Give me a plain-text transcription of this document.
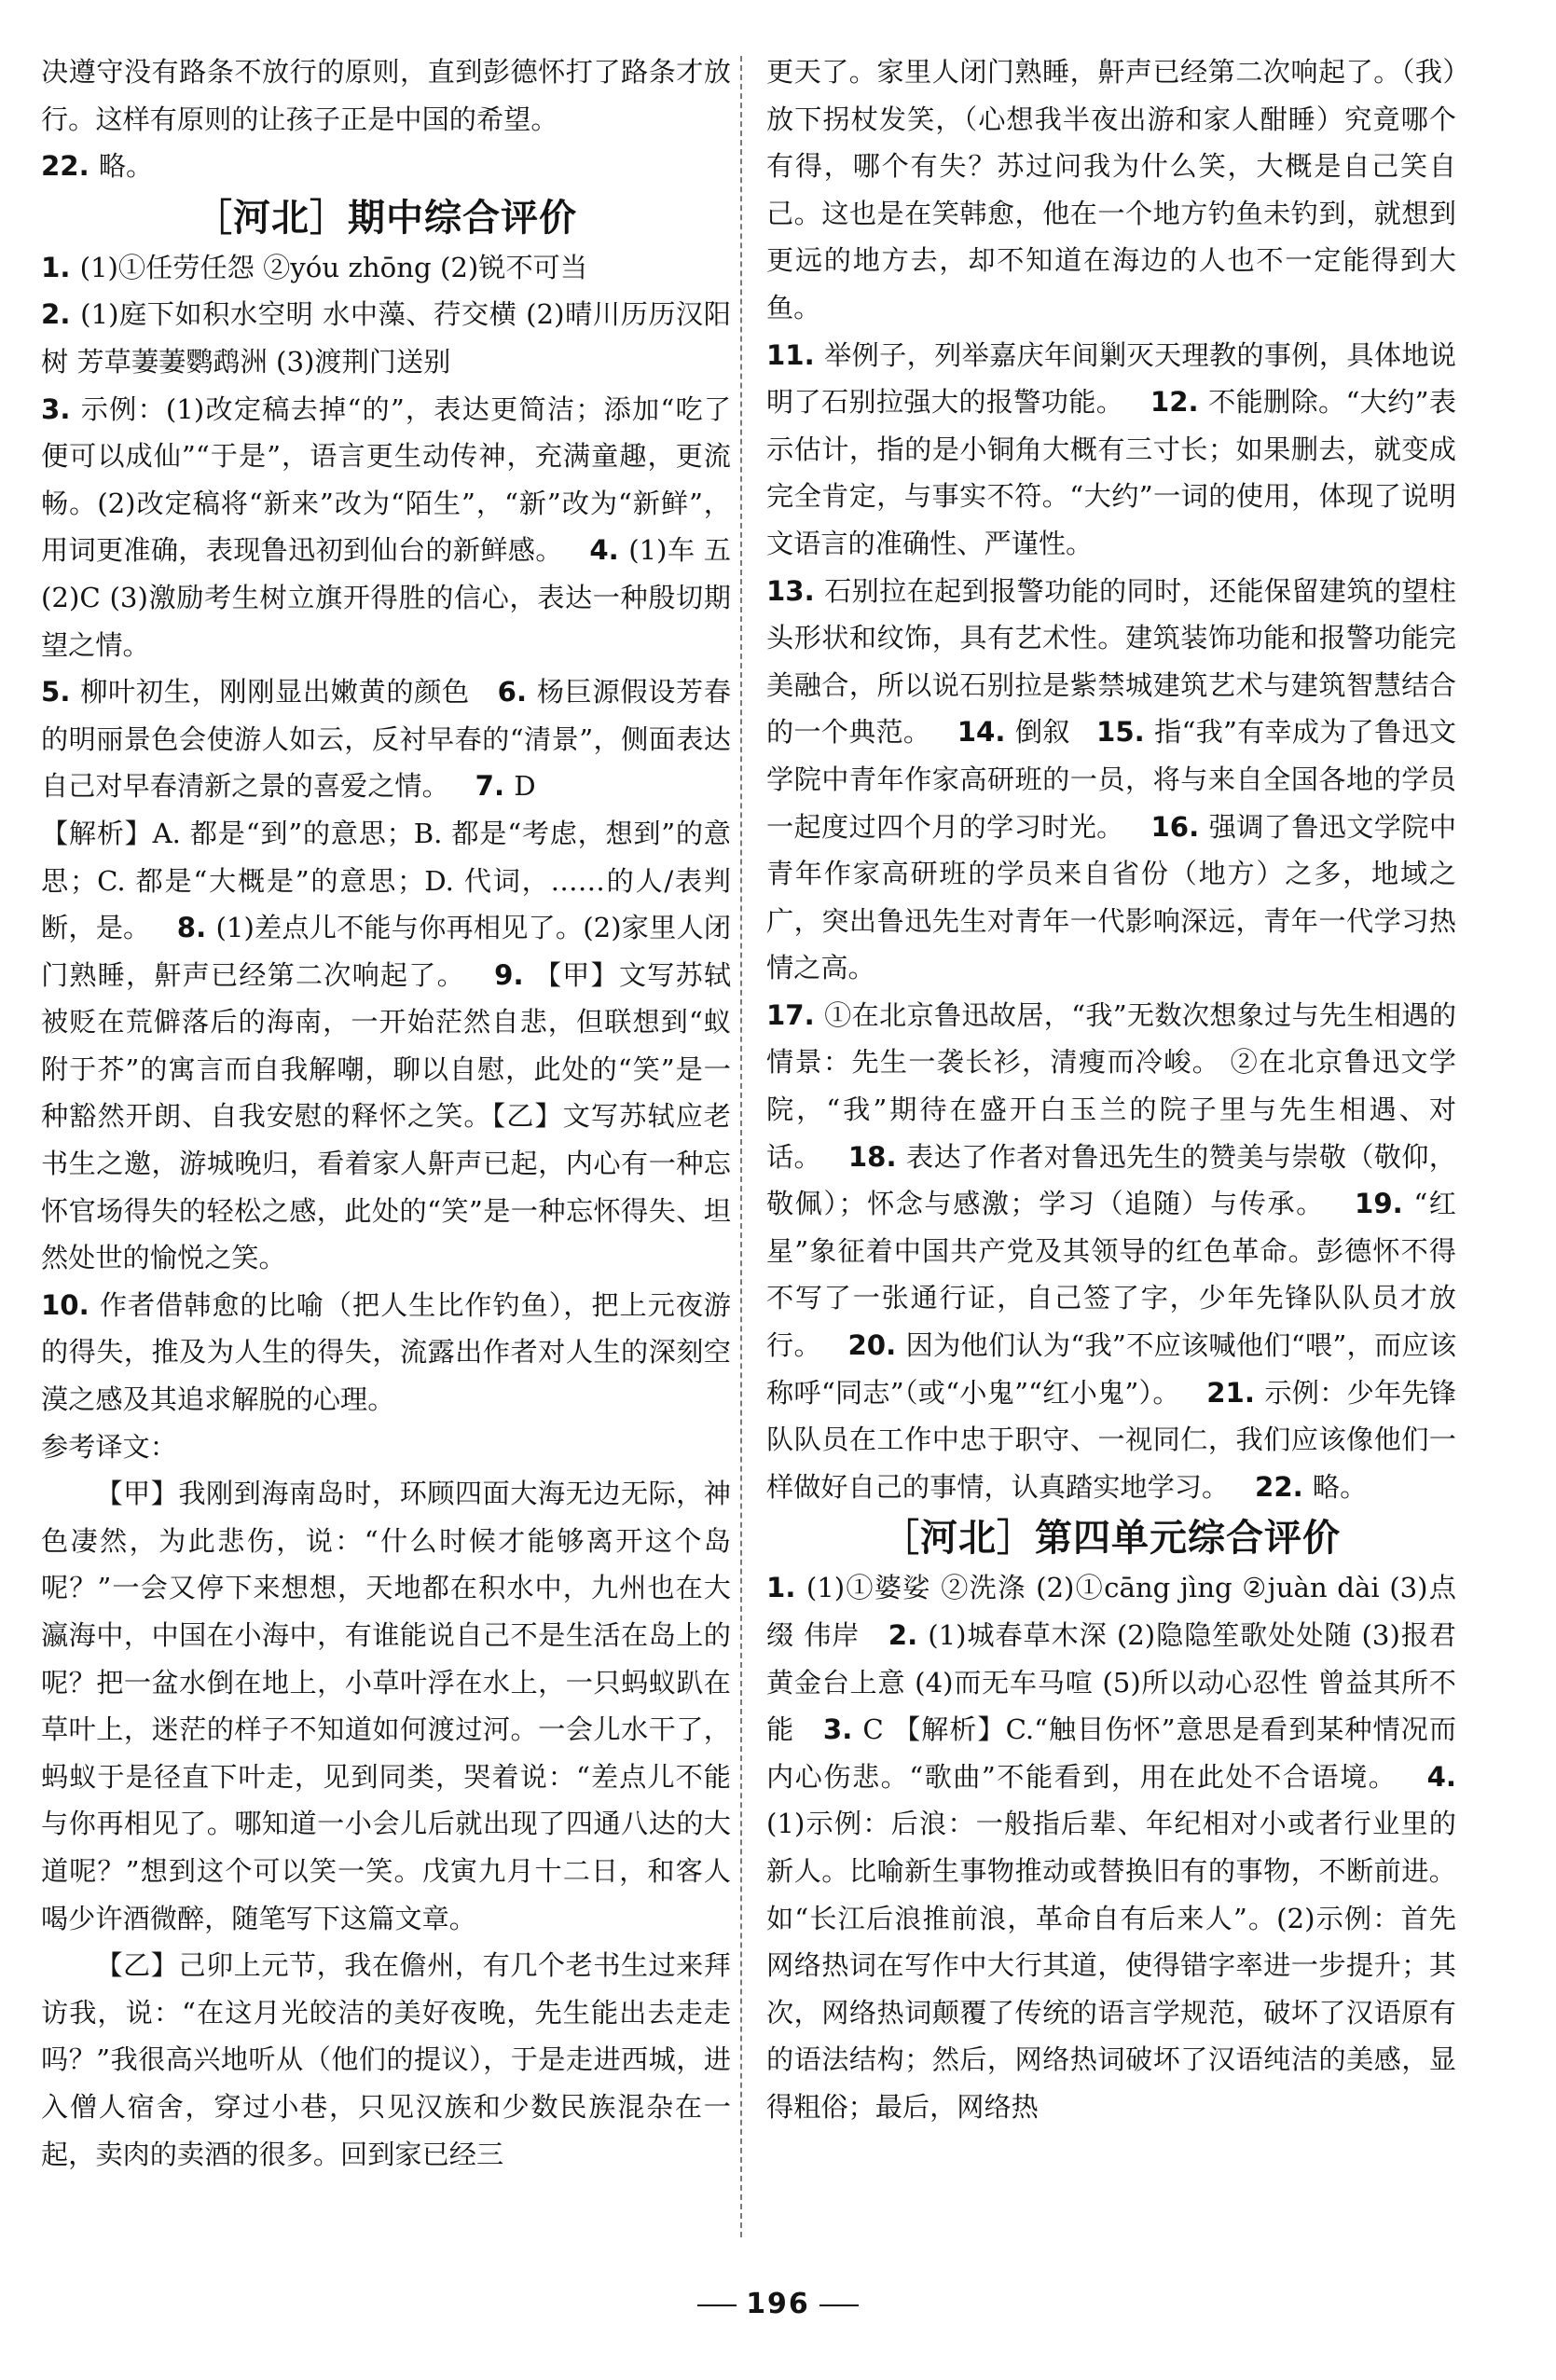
决遵守没有路条不放行的原则，直到彭德怀打了路条才放行。这样有原则的让孩子正是中国的希望。

22. 略。

［河北］期中综合评价

1. (1)①任劳任怨 ②yóu zhōng (2)锐不可当

2. (1)庭下如积水空明 水中藻、荇交横 (2)晴川历历汉阳树 芳草萋萋鹦鹉洲 (3)渡荆门送别

3. 示例：(1)改定稿去掉“的”，表达更简洁；添加“吃了便可以成仙”“于是”，语言更生动传神，充满童趣，更流畅。(2)改定稿将“新来”改为“陌生”，“新”改为“新鲜”，用词更准确，表现鲁迅初到仙台的新鲜感。 4. (1)车 五 (2)C (3)激励考生树立旗开得胜的信心，表达一种殷切期望之情。

5. 柳叶初生，刚刚显出嫩黄的颜色 6. 杨巨源假设芳春的明丽景色会使游人如云，反衬早春的“清景”，侧面表达自己对早春清新之景的喜爱之情。 7. D

【解析】A. 都是“到”的意思；B. 都是“考虑，想到”的意思；C. 都是“大概是”的意思；D. 代词，……的人/表判断，是。 8. (1)差点儿不能与你再相见了。(2)家里人闭门熟睡，鼾声已经第二次响起了。 9. 【甲】文写苏轼被贬在荒僻落后的海南，一开始茫然自悲，但联想到“蚁附于芥”的寓言而自我解嘲，聊以自慰，此处的“笑”是一种豁然开朗、自我安慰的释怀之笑。【乙】文写苏轼应老书生之邀，游城晚归，看着家人鼾声已起，内心有一种忘怀官场得失的轻松之感，此处的“笑”是一种忘怀得失、坦然处世的愉悦之笑。

10. 作者借韩愈的比喻（把人生比作钓鱼），把上元夜游的得失，推及为人生的得失，流露出作者对人生的深刻空漠之感及其追求解脱的心理。

参考译文：

【甲】我刚到海南岛时，环顾四面大海无边无际，神色凄然，为此悲伤，说：“什么时候才能够离开这个岛呢？”一会又停下来想想，天地都在积水中，九州也在大瀛海中，中国在小海中，有谁能说自己不是生活在岛上的呢？把一盆水倒在地上，小草叶浮在水上，一只蚂蚁趴在草叶上，迷茫的样子不知道如何渡过河。一会儿水干了，蚂蚁于是径直下叶走，见到同类，哭着说：“差点儿不能与你再相见了。哪知道一小会儿后就出现了四通八达的大道呢？”想到这个可以笑一笑。戊寅九月十二日，和客人喝少许酒微醉，随笔写下这篇文章。

【乙】己卯上元节，我在儋州，有几个老书生过来拜访我，说：“在这月光皎洁的美好夜晚，先生能出去走走吗？”我很高兴地听从（他们的提议），于是走进西城，进入僧人宿舍，穿过小巷，只见汉族和少数民族混杂在一起，卖肉的卖酒的很多。回到家已经三

更天了。家里人闭门熟睡，鼾声已经第二次响起了。（我）放下拐杖发笑，（心想我半夜出游和家人酣睡）究竟哪个有得，哪个有失？苏过问我为什么笑，大概是自己笑自己。这也是在笑韩愈，他在一个地方钓鱼未钓到，就想到更远的地方去，却不知道在海边的人也不一定能得到大鱼。

11. 举例子，列举嘉庆年间剿灭天理教的事例，具体地说明了石别拉强大的报警功能。 12. 不能删除。“大约”表示估计，指的是小铜角大概有三寸长；如果删去，就变成完全肯定，与事实不符。“大约”一词的使用，体现了说明文语言的准确性、严谨性。

13. 石别拉在起到报警功能的同时，还能保留建筑的望柱头形状和纹饰，具有艺术性。建筑装饰功能和报警功能完美融合，所以说石别拉是紫禁城建筑艺术与建筑智慧结合的一个典范。 14. 倒叙 15. 指“我”有幸成为了鲁迅文学院中青年作家高研班的一员，将与来自全国各地的学员一起度过四个月的学习时光。 16. 强调了鲁迅文学院中青年作家高研班的学员来自省份（地方）之多，地域之广，突出鲁迅先生对青年一代影响深远，青年一代学习热情之高。

17. ①在北京鲁迅故居，“我”无数次想象过与先生相遇的情景：先生一袭长衫，清瘦而冷峻。 ②在北京鲁迅文学院，“我”期待在盛开白玉兰的院子里与先生相遇、对话。 18. 表达了作者对鲁迅先生的赞美与崇敬（敬仰，敬佩）；怀念与感激；学习（追随）与传承。 19. “红星”象征着中国共产党及其领导的红色革命。彭德怀不得不写了一张通行证，自己签了字，少年先锋队队员才放行。 20. 因为他们认为“我”不应该喊他们“喂”，而应该称呼“同志”（或“小鬼”“红小鬼”）。 21. 示例：少年先锋队队员在工作中忠于职守、一视同仁，我们应该像他们一样做好自己的事情，认真踏实地学习。 22. 略。

［河北］第四单元综合评价

1. (1)①婆娑 ②洗涤 (2)①cāng jìng ②juàn dài (3)点缀 伟岸 2. (1)城春草木深 (2)隐隐笙歌处处随 (3)报君黄金台上意 (4)而无车马喧 (5)所以动心忍性 曾益其所不能 3. C 【解析】C.“触目伤怀”意思是看到某种情况而内心伤悲。“歌曲”不能看到，用在此处不合语境。 4. (1)示例：后浪：一般指后辈、年纪相对小或者行业里的新人。比喻新生事物推动或替换旧有的事物，不断前进。如“长江后浪推前浪，革命自有后来人”。(2)示例：首先网络热词在写作中大行其道，使得错字率进一步提升；其次，网络热词颠覆了传统的语言学规范，破坏了汉语原有的语法结构；然后，网络热词破坏了汉语纯洁的美感，显得粗俗；最后，网络热

196
